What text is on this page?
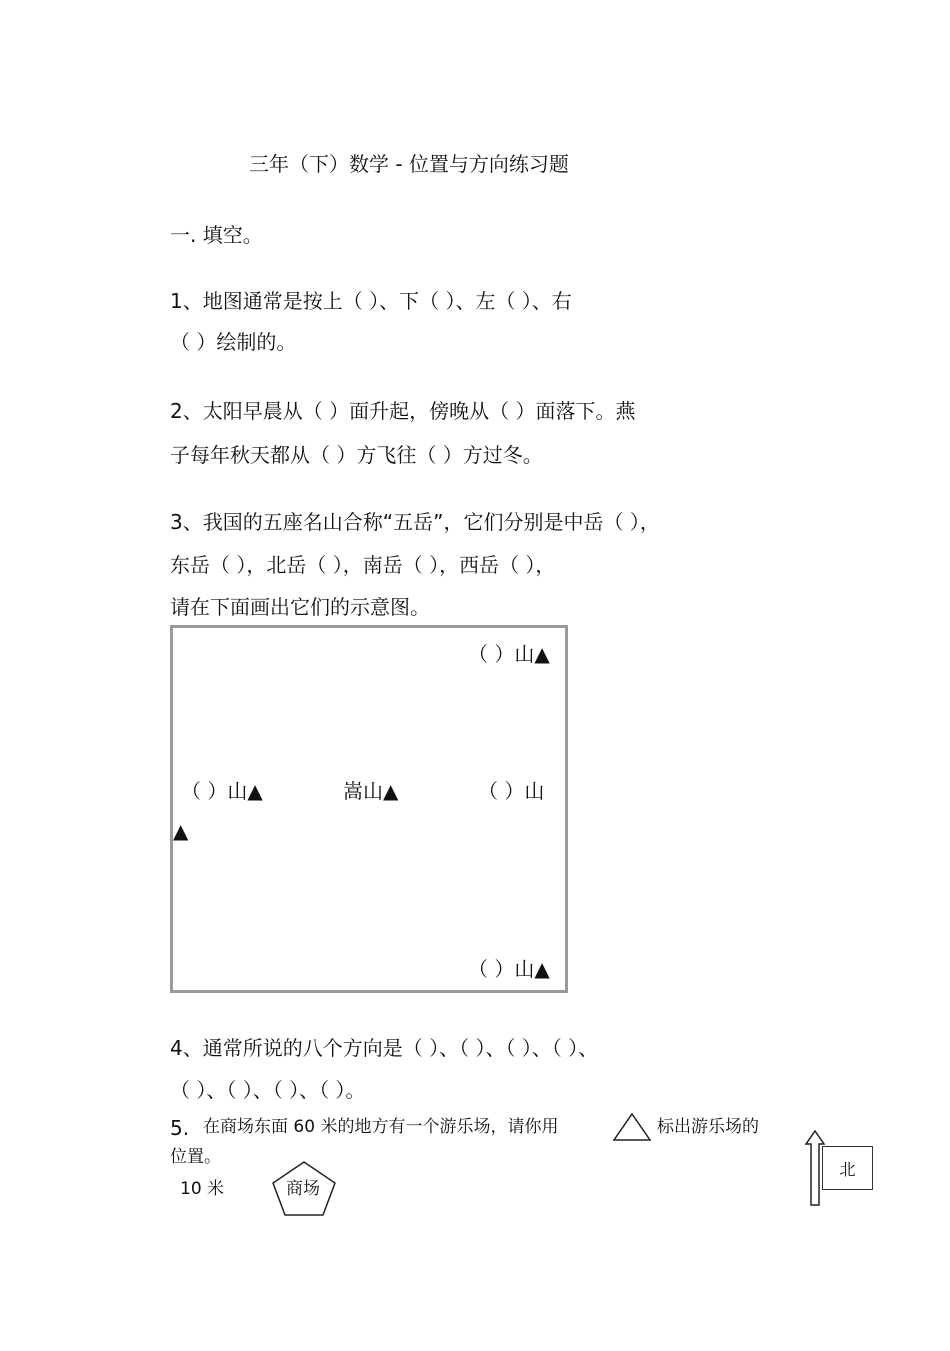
三年（下）数学 - 位置与方向练习题
一. 填空。
1、地图通常是按上（ ）、下（ ）、左（ ）、右
（ ）绘制的。
2、太阳早晨从（ ）面升起，傍晚从（ ）面落下。燕
子每年秋天都从（ ）方飞往（ ）方过冬。
3、我国的五座名山合称“五岳”，它们分别是中岳（ ），
东岳（ ），北岳（ ），南岳（ ），西岳（ ），
请在下面画出它们的示意图。
（ ）山▲
（ ）山▲	嵩山▲	（ ）山
▲
（ ）山▲
4、通常所说的八个方向是（ ）、（ ）、（ ）、（ ）、
（ ）、（ ）、（ ）、（ ）。
5. 在商场东面 60 米的地方有一个游乐场，请你用	标出游乐场的
位置。
10 米	商场
北
